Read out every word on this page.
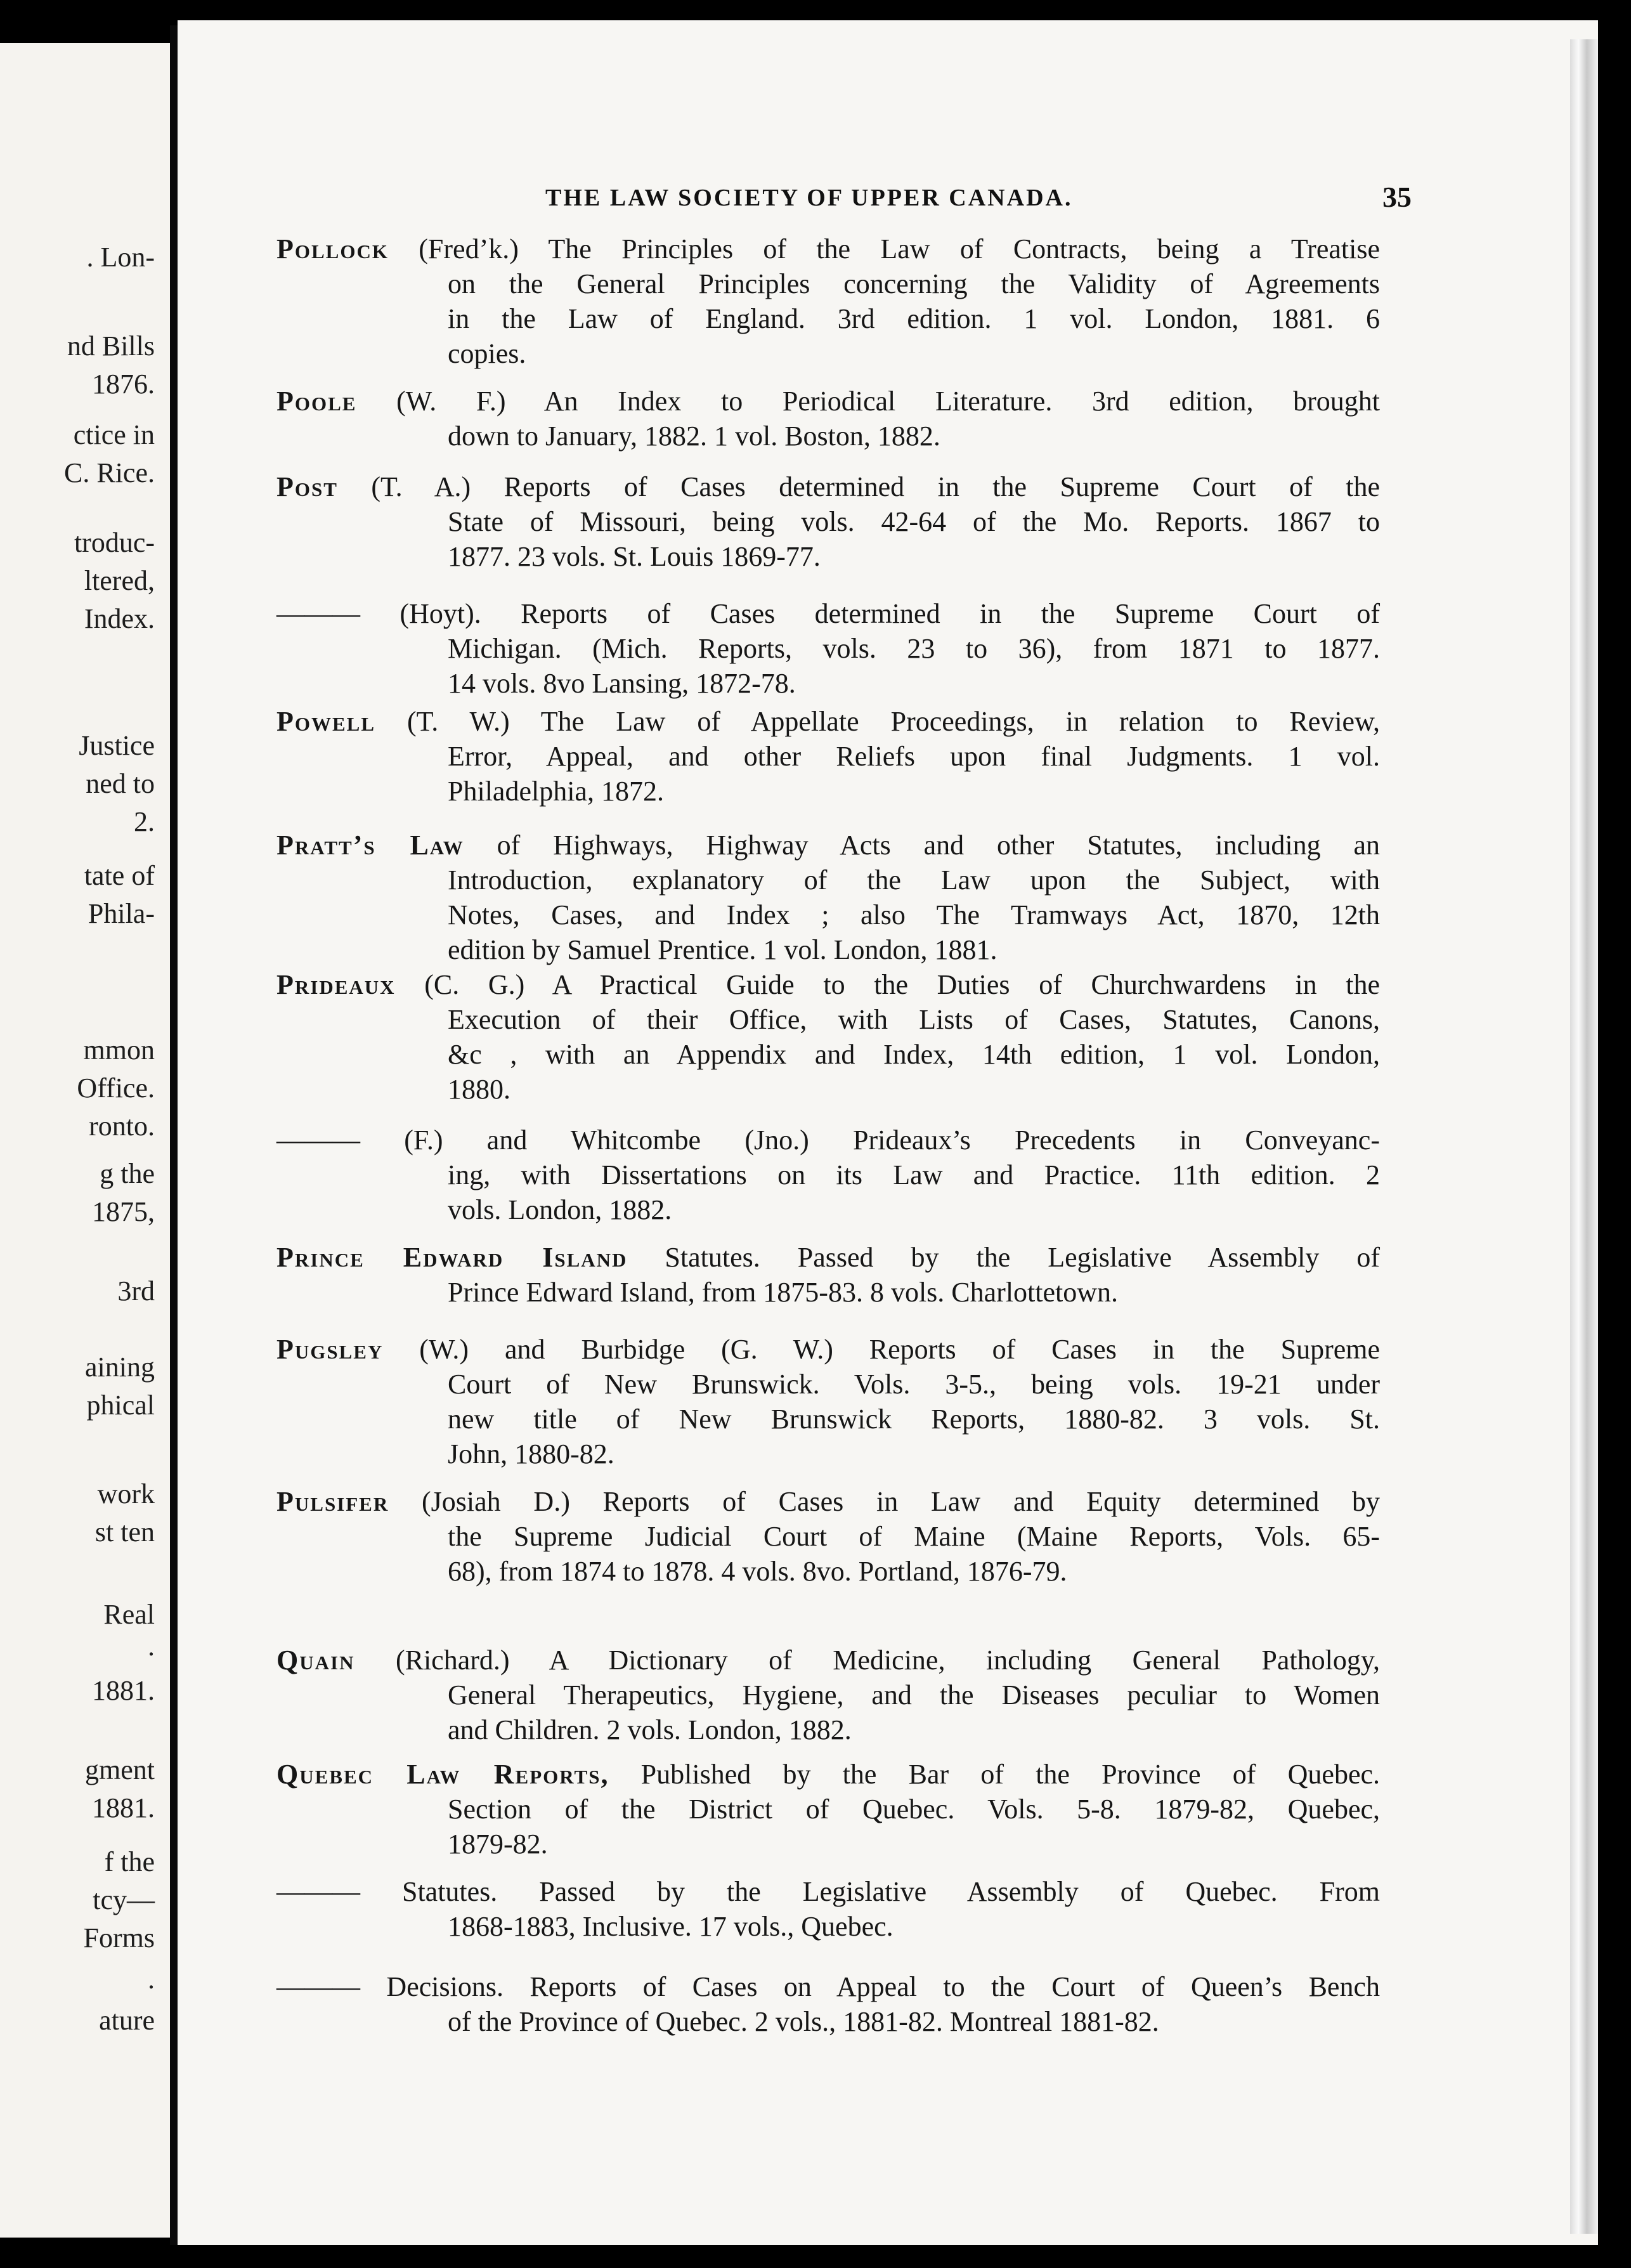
. Lon-
nd Bills
1876.
ctice in
C. Rice.
troduc-
ltered,
Index.
Justice
ned to
2.
tate of
Phila-
mmon
Office.
ronto.
g the
1875,
3rd
aining
phical
work
st ten
Real
.
1881.
gment
1881.
f the
tcy—
Forms
.
ature
THE LAW SOCIETY OF UPPER CANADA.	35
Pollock (Fred’k.) The Principles of the Law of Contracts, being a Treatise
on the General Principles concerning the Validity of Agreements
in the Law of England. 3rd edition. 1 vol. London, 1881. 6
copies.
Poole (W. F.) An Index to Periodical Literature. 3rd edition, brought
down to January, 1882. 1 vol. Boston, 1882.
Post (T. A.) Reports of Cases determined in the Supreme Court of the
State of Missouri, being vols. 42-64 of the Mo. Reports. 1867 to
1877. 23 vols. St. Louis 1869-77.
——— (Hoyt). Reports of Cases determined in the Supreme Court of
Michigan. (Mich. Reports, vols. 23 to 36), from 1871 to 1877.
14 vols. 8vo Lansing, 1872-78.
Powell (T. W.) The Law of Appellate Proceedings, in relation to Review,
Error, Appeal, and other Reliefs upon final Judgments. 1 vol.
Philadelphia, 1872.
Pratt’s Law of Highways, Highway Acts and other Statutes, including an
Introduction, explanatory of the Law upon the Subject, with
Notes, Cases, and Index ; also The Tramways Act, 1870, 12th
edition by Samuel Prentice. 1 vol. London, 1881.
Prideaux (C. G.) A Practical Guide to the Duties of Churchwardens in the
Execution of their Office, with Lists of Cases, Statutes, Canons,
&c , with an Appendix and Index, 14th edition, 1 vol. London,
1880.
——— (F.) and Whitcombe (Jno.) Prideaux’s Precedents in Conveyanc-
ing, with Dissertations on its Law and Practice. 11th edition. 2
vols. London, 1882.
Prince Edward Island Statutes. Passed by the Legislative Assembly of
Prince Edward Island, from 1875-83. 8 vols. Charlottetown.
Pugsley (W.) and Burbidge (G. W.) Reports of Cases in the Supreme
Court of New Brunswick. Vols. 3-5., being vols. 19-21 under
new title of New Brunswick Reports, 1880-82. 3 vols. St.
John, 1880-82.
Pulsifer (Josiah D.) Reports of Cases in Law and Equity determined by
the Supreme Judicial Court of Maine (Maine Reports, Vols. 65-
68), from 1874 to 1878. 4 vols. 8vo. Portland, 1876-79.
Quain (Richard.) A Dictionary of Medicine, including General Pathology,
General Therapeutics, Hygiene, and the Diseases peculiar to Women
and Children. 2 vols. London, 1882.
Quebec Law Reports, Published by the Bar of the Province of Quebec.
Section of the District of Quebec. Vols. 5-8. 1879-82, Quebec,
1879-82.
——— Statutes. Passed by the Legislative Assembly of Quebec. From
1868-1883, Inclusive. 17 vols., Quebec.
——— Decisions. Reports of Cases on Appeal to the Court of Queen’s Bench
of the Province of Quebec. 2 vols., 1881-82. Montreal 1881-82.
